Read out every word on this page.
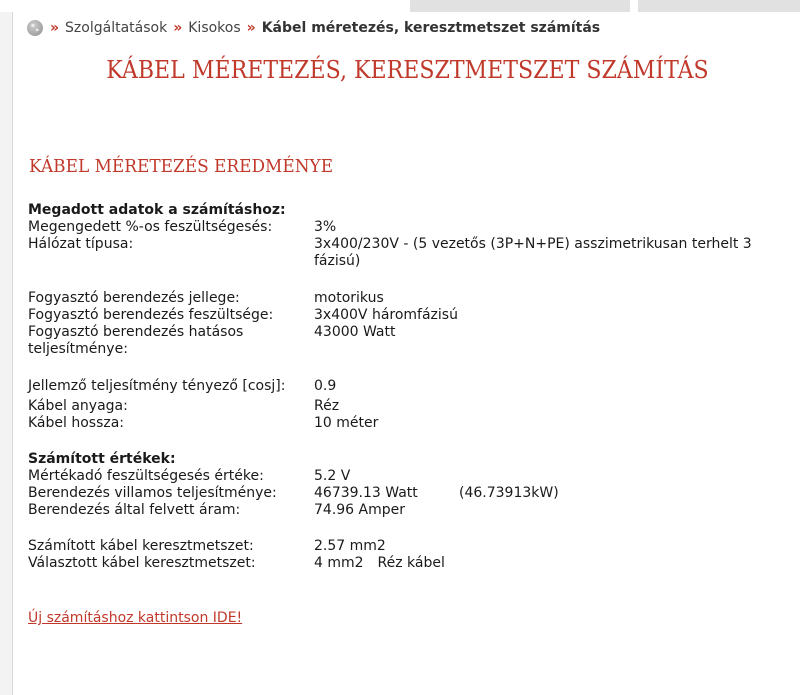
» Szolgáltatások » Kisokos » Kábel méretezés, keresztmetszet számítás
KÁBEL MÉRETEZÉS, KERESZTMETSZET SZÁMÍTÁS
KÁBEL MÉRETEZÉS EREDMÉNYE
Megadott adatok a számításhoz:
Megengedett %-os feszültségesés:	3%
Hálózat típusa:	3x400/230V - (5 vezetős (3P+N+PE) asszimetrikusan terhelt 3 fázisú)
Fogyasztó berendezés jellege:	motorikus
Fogyasztó berendezés feszültsége:	3x400V háromfázisú
Fogyasztó berendezés hatásos teljesítménye:
43000 Watt
Jellemző teljesítmény tényező [cosj]:	0.9
Kábel anyaga:	Réz
Kábel hossza:	10 méter
Számított értékek:
Mértékadó feszültségesés értéke:	5.2 V
Berendezés villamos teljesítménye:	46739.13 Watt	(46.73913kW)
Berendezés által felvett áram:	74.96 Amper
Számított kábel keresztmetszet:	2.57 mm2
Választott kábel keresztmetszet:	4 mm2 Réz kábel
Új számításhoz kattintson IDE!
